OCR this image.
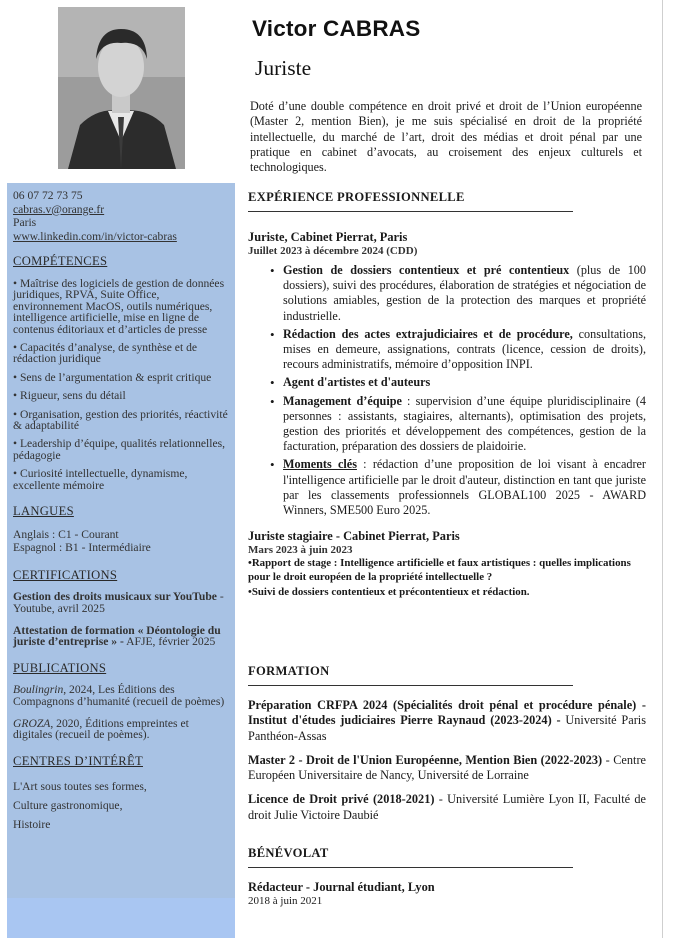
06 07 72 73 75
cabras.v@orange.fr
Paris
www.linkedin.com/in/victor-cabras
COMPÉTENCES
• Maîtrise des logiciels de gestion de données juridiques, RPVA, Suite Office, environnement MacOS, outils numériques, intelligence artificielle, mise en ligne de contenus éditoriaux et d’articles de presse
• Capacités d’analyse, de synthèse et de rédaction juridique
• Sens de l’argumentation & esprit critique
• Rigueur, sens du détail
• Organisation, gestion des priorités, réactivité & adaptabilité
• Leadership d’équipe, qualités relationnelles, pédagogie
• Curiosité intellectuelle, dynamisme, excellente mémoire
LANGUES
Anglais : C1 - Courant
Espagnol : B1 - Intermédiaire
CERTIFICATIONS
Gestion des droits musicaux sur YouTube - Youtube, avril 2025
Attestation de formation « Déontologie du juriste d’entreprise » - AFJE, février 2025
PUBLICATIONS
Boulingrin, 2024, Les Éditions des Compagnons d’humanité (recueil de poèmes)
GROZA, 2020, Éditions empreintes et digitales (recueil de poèmes).
CENTRES D’INTÉRÊT
L'Art sous toutes ses formes,
Culture gastronomique,
Histoire
Victor CABRAS
Juriste
Doté d’une double compétence en droit privé et droit de l’Union européenne (Master 2, mention Bien), je me suis spécialisé en droit de la propriété intellectuelle, du marché de l’art, droit des médias et droit pénal par une pratique en cabinet d’avocats, au croisement des enjeux culturels et technologiques.
EXPÉRIENCE PROFESSIONNELLE
Juriste, Cabinet Pierrat, Paris
Juillet 2023 à décembre 2024 (CDD)
• Gestion de dossiers contentieux et pré contentieux (plus de 100 dossiers), suivi des procédures, élaboration de stratégies et négociation de solutions amiables, gestion de la protection des marques et propriété industrielle.
• Rédaction des actes extrajudiciaires et de procédure, consultations, mises en demeure, assignations, contrats (licence, cession de droits), recours administratifs, mémoire d’opposition INPI.
• Agent d'artistes et d'auteurs
• Management d’équipe : supervision d’une équipe pluridisciplinaire (4 personnes : assistants, stagiaires, alternants), optimisation des projets, gestion des priorités et développement des compétences, gestion de la facturation, préparation des dossiers de plaidoirie.
• Moments clés : rédaction d’une proposition de loi visant à encadrer l'intelligence artificielle par le droit d'auteur, distinction en tant que juriste par les classements professionnels GLOBAL100 2025 - AWARD Winners, SME500 Euro 2025.
Juriste stagiaire - Cabinet Pierrat, Paris
Mars 2023 à juin 2023
•Rapport de stage : Intelligence artificielle et faux artistiques : quelles implications pour le droit européen de la propriété intellectuelle ?
•Suivi de dossiers contentieux et précontentieux et rédaction.
FORMATION
Préparation CRFPA 2024 (Spécialités droit pénal et procédure pénale) - Institut d'études judiciaires Pierre Raynaud (2023-2024) - Université Paris Panthéon-Assas
Master 2 - Droit de l'Union Européenne, Mention Bien (2022-2023) - Centre Européen Universitaire de Nancy, Université de Lorraine
Licence de Droit privé (2018-2021) - Université Lumière Lyon II, Faculté de droit Julie Victoire Daubié
BÉNÉVOLAT
Rédacteur - Journal étudiant, Lyon
2018 à juin 2021
